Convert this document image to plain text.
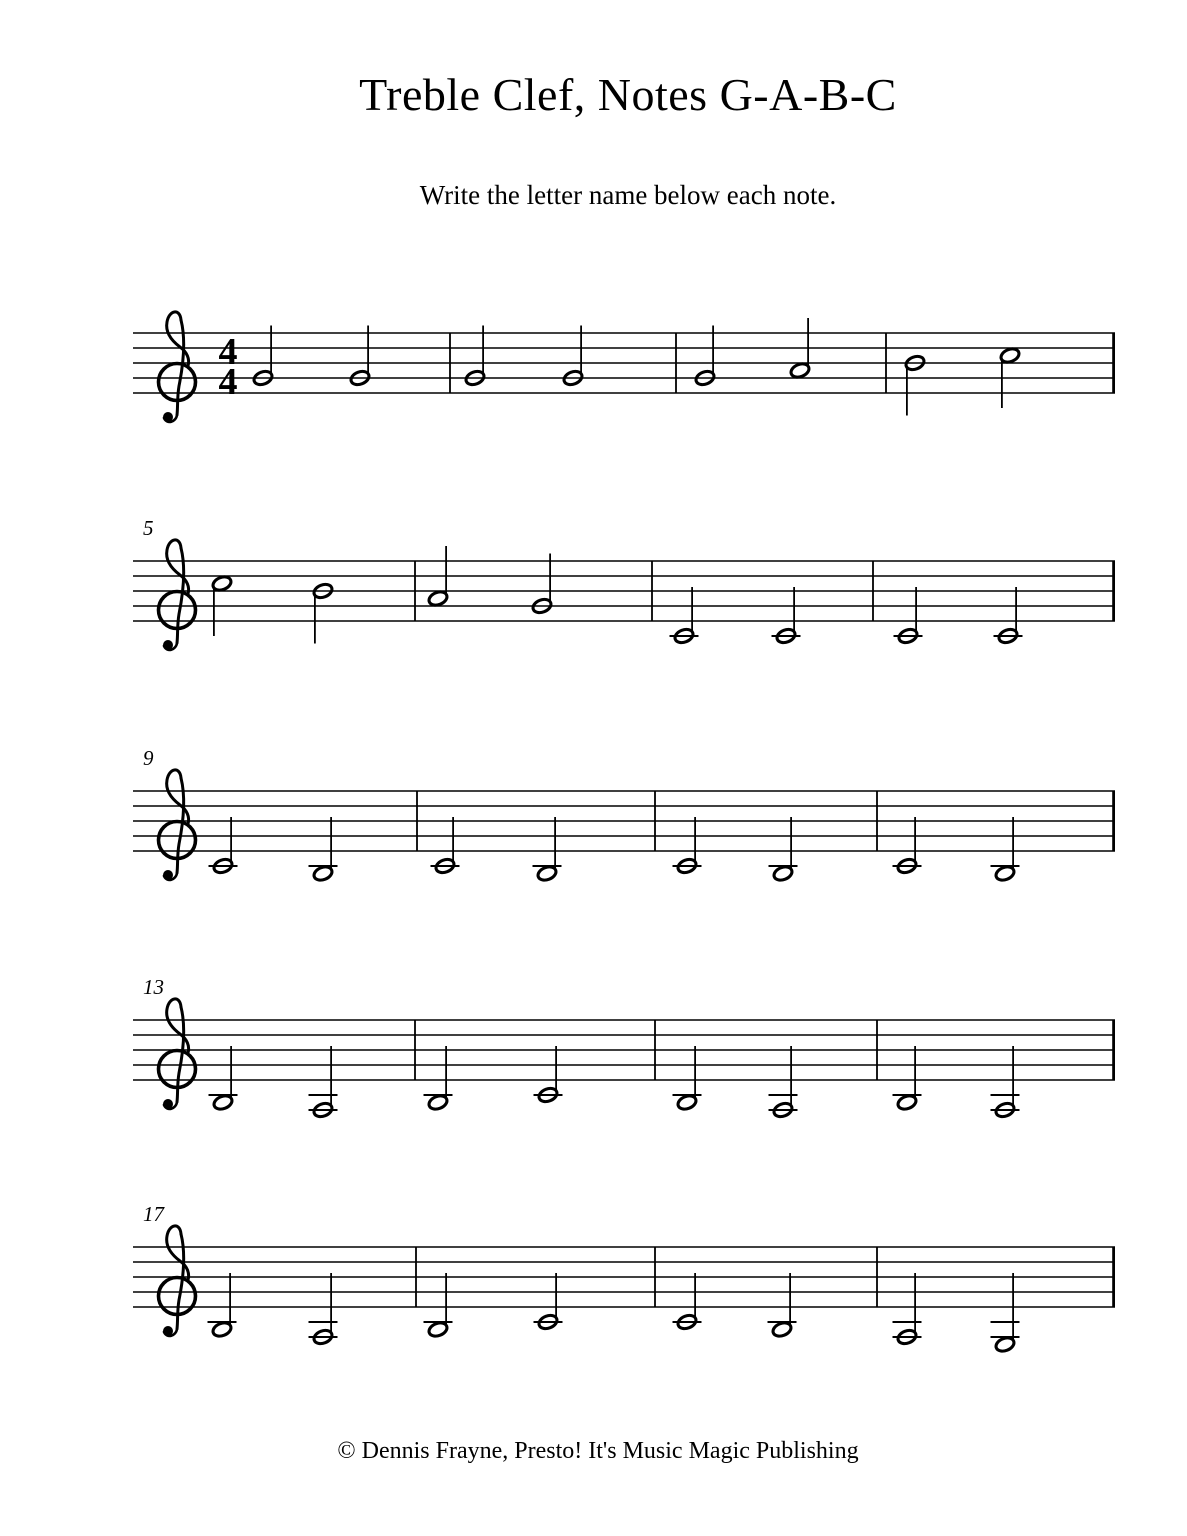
Treble Clef, Notes G-A-B-C
Write the letter name below each note.
4
4
5
9
13
17
© Dennis Frayne, Presto! It's Music Magic Publishing
